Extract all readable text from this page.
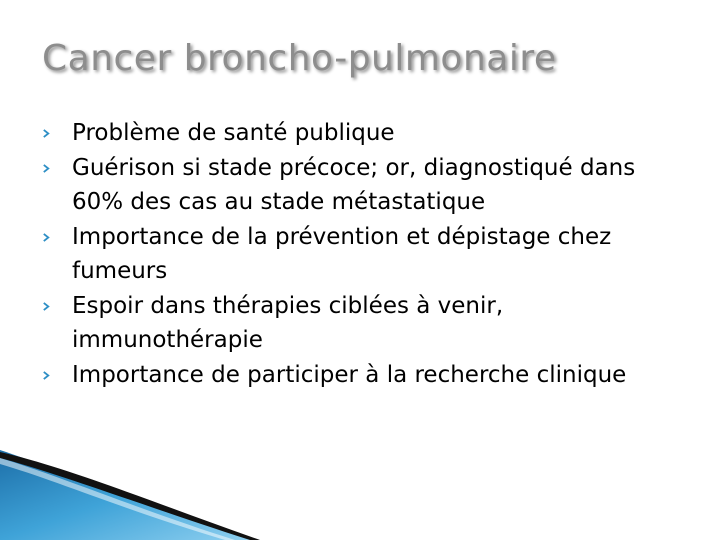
Cancer broncho-pulmonaire
Problème de santé publique
Guérison si stade précoce; or, diagnostiqué dans 60% des cas au stade métastatique
Importance de la prévention et dépistage chez fumeurs
Espoir dans thérapies ciblées à venir, immunothérapie
Importance de participer à la recherche clinique
